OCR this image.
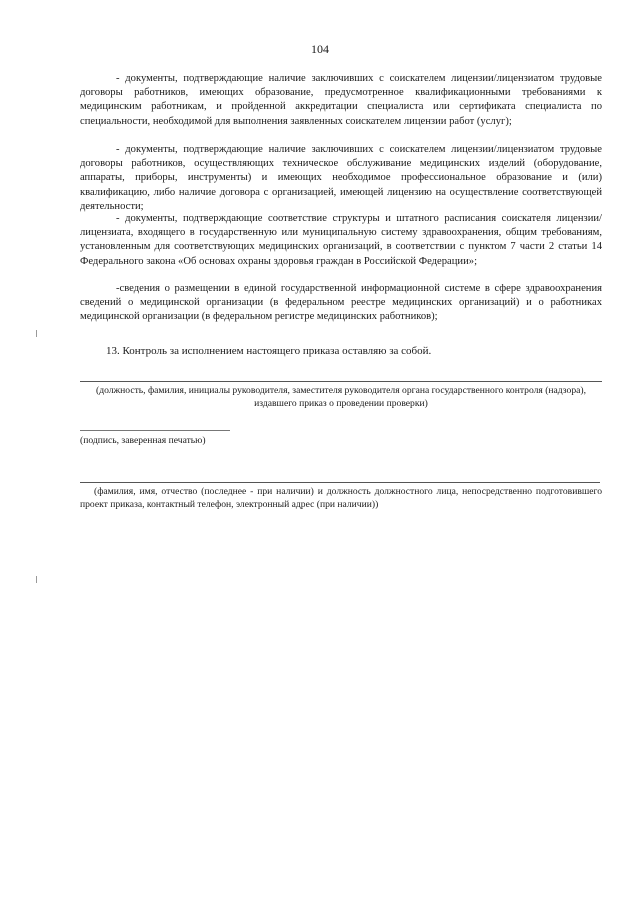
104

- документы, подтверждающие наличие заключивших с соискателем лицензии/лицензиатом трудовые договоры работников, имеющих образование, предусмотренное квалификационными требованиями к медицинским работникам, и пройденной аккредитации специалиста или сертификата специалиста по специальности, необходимой для выполнения заявленных соискателем лицензии работ (услуг);

- документы, подтверждающие наличие заключивших с соискателем лицензии/лицензиатом трудовые договоры работников, осуществляющих техническое обслуживание медицинских изделий (оборудование, аппараты, приборы, инструменты) и имеющих необходимое профессиональное образование и (или) квалификацию, либо наличие договора с организацией, имеющей лицензию на осуществление соответствующей деятельности;

- документы, подтверждающие соответствие структуры и штатного расписания соискателя лицензии/лицензиата, входящего в государственную или муниципальную систему здравоохранения, общим требованиям, установленным для соответствующих медицинских организаций, в соответствии с пунктом 7 части 2 статьи 14 Федерального закона «Об основах охраны здоровья граждан в Российской Федерации»;

-сведения о размещении в единой государственной информационной системе в сфере здравоохранения сведений о медицинской организации (в федеральном реестре медицинских организаций) и о работниках медицинской организации (в федеральном регистре медицинских работников);

13. Контроль за исполнением настоящего приказа оставляю за собой.

(должность, фамилия, инициалы руководителя, заместителя руководителя органа государственного контроля (надзора), издавшего приказ о проведении проверки)

(подпись, заверенная печатью)

(фамилия, имя, отчество (последнее - при наличии) и должность должностного лица, непосредственно подготовившего проект приказа, контактный телефон, электронный адрес (при наличии))
